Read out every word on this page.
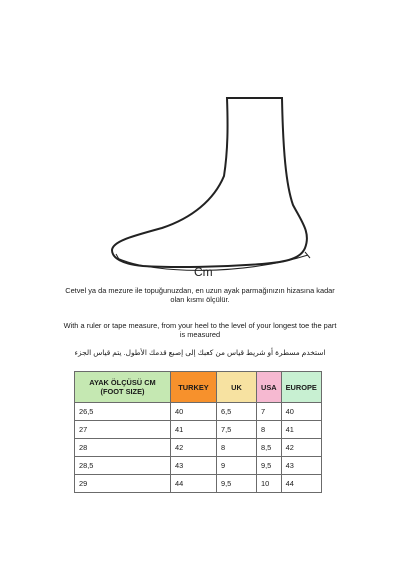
Cm
Cetvel ya da mezure ile topuğunuzdan, en uzun ayak parmağınızın hizasına kadar olan kısmı ölçülür.
With a ruler or tape measure, from your heel to the level of your longest toe the part is measured
استخدم مسطرة أو شريط قياس من كعبك إلى إصبع قدمك الأطول. يتم قياس الجزء
AYAK ÖLÇÜSÜ CM (FOOT SIZE)	TURKEY	UK	USA	EUROPE
26,5	40	6,5	7	40
27	41	7,5	8	41
28	42	8	8,5	42
28,5	43	9	9,5	43
29	44	9,5	10	44
